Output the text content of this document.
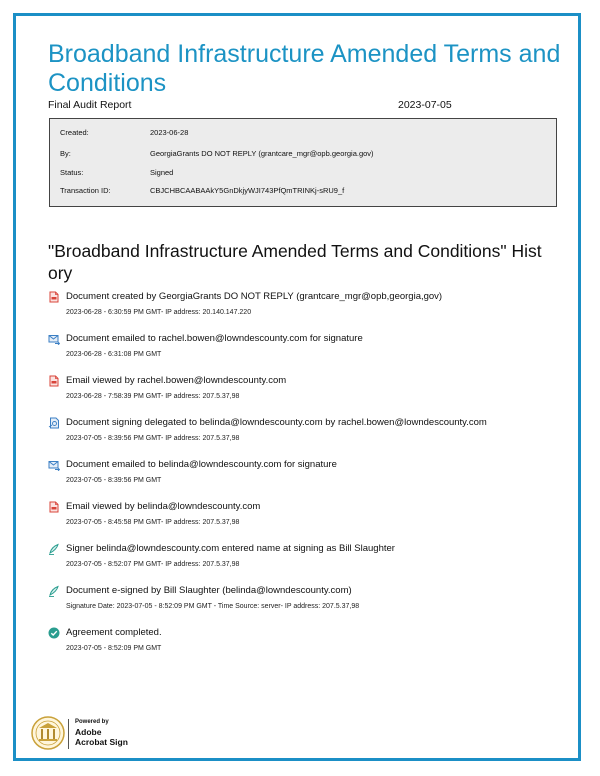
Broadband Infrastructure Amended Terms and Conditions
Final Audit Report	2023-07-05
Created:	2023-06-28
By:	GeorgiaGrants DO NOT REPLY (grantcare_mgr@opb.georgia.gov)
Status:	Signed
Transaction ID:	CBJCHBCAABAAkY5GnDkjyWJI743PfQmTRINKj-sRU9_f
"Broadband Infrastructure Amended Terms and Conditions" Hist
ory
Document created by GeorgiaGrants DO NOT REPLY (grantcare_mgr@opb,georgia,gov)
2023-06-28 - 6:30:59 PM GMT- IP address: 20.140.147.220
Document emailed to rachel.bowen@lowndescounty.com for signature
2023-06-28 - 6:31:08 PM GMT
Email viewed by rachel.bowen@lowndescounty.com
2023-06-28 - 7:58:39 PM GMT- IP address: 207.5.37,98
Document signing delegated to belinda@lowndescounty.com by rachel.bowen@lowndescounty.com
2023-07-05 - 8:39:56 PM GMT- IP address: 207.5.37,98
Document emailed to belinda@lowndescounty.com for signature
2023-07-05 - 8:39:56 PM GMT
Email viewed by belinda@lowndescounty.com
2023-07-05 - 8:45:58 PM GMT- IP address: 207.5.37,98
Signer belinda@lowndescounty.com entered name at signing as Bill Slaughter
2023-07-05 - 8:52:07 PM GMT- IP address: 207.5.37,98
Document e-signed by Bill Slaughter (belinda@lowndescounty.com)
Signature Date: 2023-07-05 - 8:52:09 PM GMT - Time Source: server- IP address: 207.5.37,98
Agreement completed.
2023-07-05 - 8:52:09 PM GMT
Powered by
Adobe
Acrobat Sign
